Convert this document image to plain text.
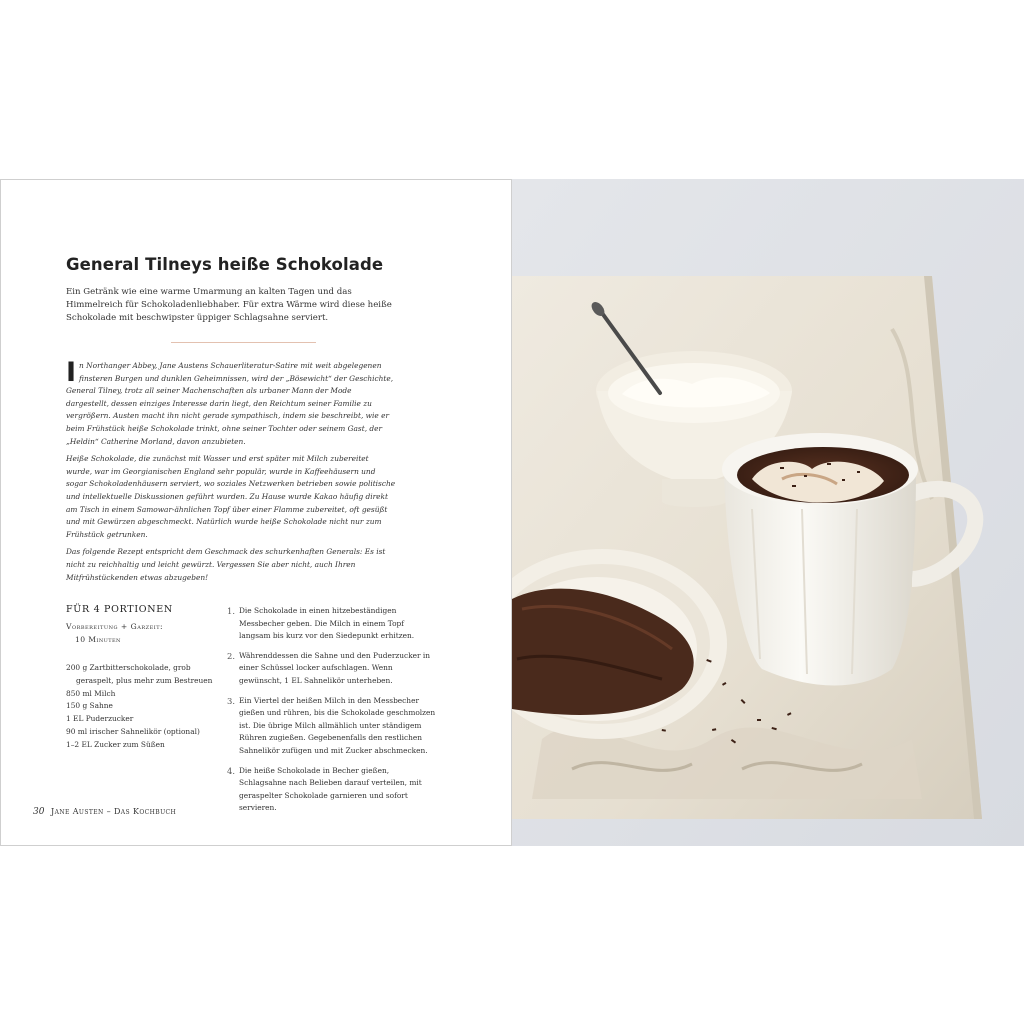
General Tilneys heiße Schokolade
Ein Getränk wie eine warme Umarmung an kalten Tagen und das Himmelreich für Schokoladenliebhaber. Für extra Wärme wird diese heiße Schokolade mit beschwipster üppiger Schlagsahne serviert.

In Northanger Abbey, Jane Austens Schauerliteratur-Satire mit weit abgelegenen finsteren Burgen und dunklen Geheimnissen, wird der „Bösewicht“ der Geschichte, General Tilney, trotz all seiner Machenschaften als urbaner Mann der Mode dargestellt, dessen einziges Interesse darin liegt, den Reichtum seiner Familie zu vergrößern. Austen macht ihn nicht gerade sympathisch, indem sie beschreibt, wie er beim Frühstück heiße Schokolade trinkt, ohne seiner Tochter oder seinem Gast, der „Heldin“ Catherine Morland, davon anzubieten.

Heiße Schokolade, die zunächst mit Wasser und erst später mit Milch zubereitet wurde, war im Georgianischen England sehr populär, wurde in Kaffeehäusern und sogar Schokoladenhäusern serviert, wo soziales Netzwerken betrieben sowie politische und intellektuelle Diskussionen geführt wurden. Zu Hause wurde Kakao häufig direkt am Tisch in einem Samowar-ähnlichen Topf über einer Flamme zubereitet, oft gesüßt und mit Gewürzen abgeschmeckt. Natürlich wurde heiße Schokolade nicht nur zum Frühstück getrunken.

Das folgende Rezept entspricht dem Geschmack des schurkenhaften Generals: Es ist nicht zu reichhaltig und leicht gewürzt. Vergessen Sie aber nicht, auch Ihren Mitfrühstückenden etwas abzugeben!

FÜR 4 PORTIONEN
Vorbereitung + Garzeit:
10 Minuten
200 g Zartbitterschokolade, grob
geraspelt, plus mehr zum Bestreuen
850 ml Milch
150 g Sahne
1 EL Puderzucker
90 ml irischer Sahnelikör (optional)
1–2 EL Zucker zum Süßen
1. Die Schokolade in einen hitzebeständigen Messbecher geben. Die Milch in einem Topf langsam bis kurz vor den Siedepunkt erhitzen.
2. Währenddessen die Sahne und den Puderzucker in einer Schüssel locker aufschlagen. Wenn gewünscht, 1 EL Sahnelikör unterheben.
3. Ein Viertel der heißen Milch in den Messbecher gießen und rühren, bis die Schokolade geschmolzen ist. Die übrige Milch allmählich unter ständigem Rühren zugießen. Gegebenenfalls den restlichen Sahnelikör zufügen und mit Zucker abschmecken.
4. Die heiße Schokolade in Becher gießen, Schlagsahne nach Belieben darauf verteilen, mit geraspelter Schokolade garnieren und sofort servieren.
30 Jane Austen – Das Kochbuch
